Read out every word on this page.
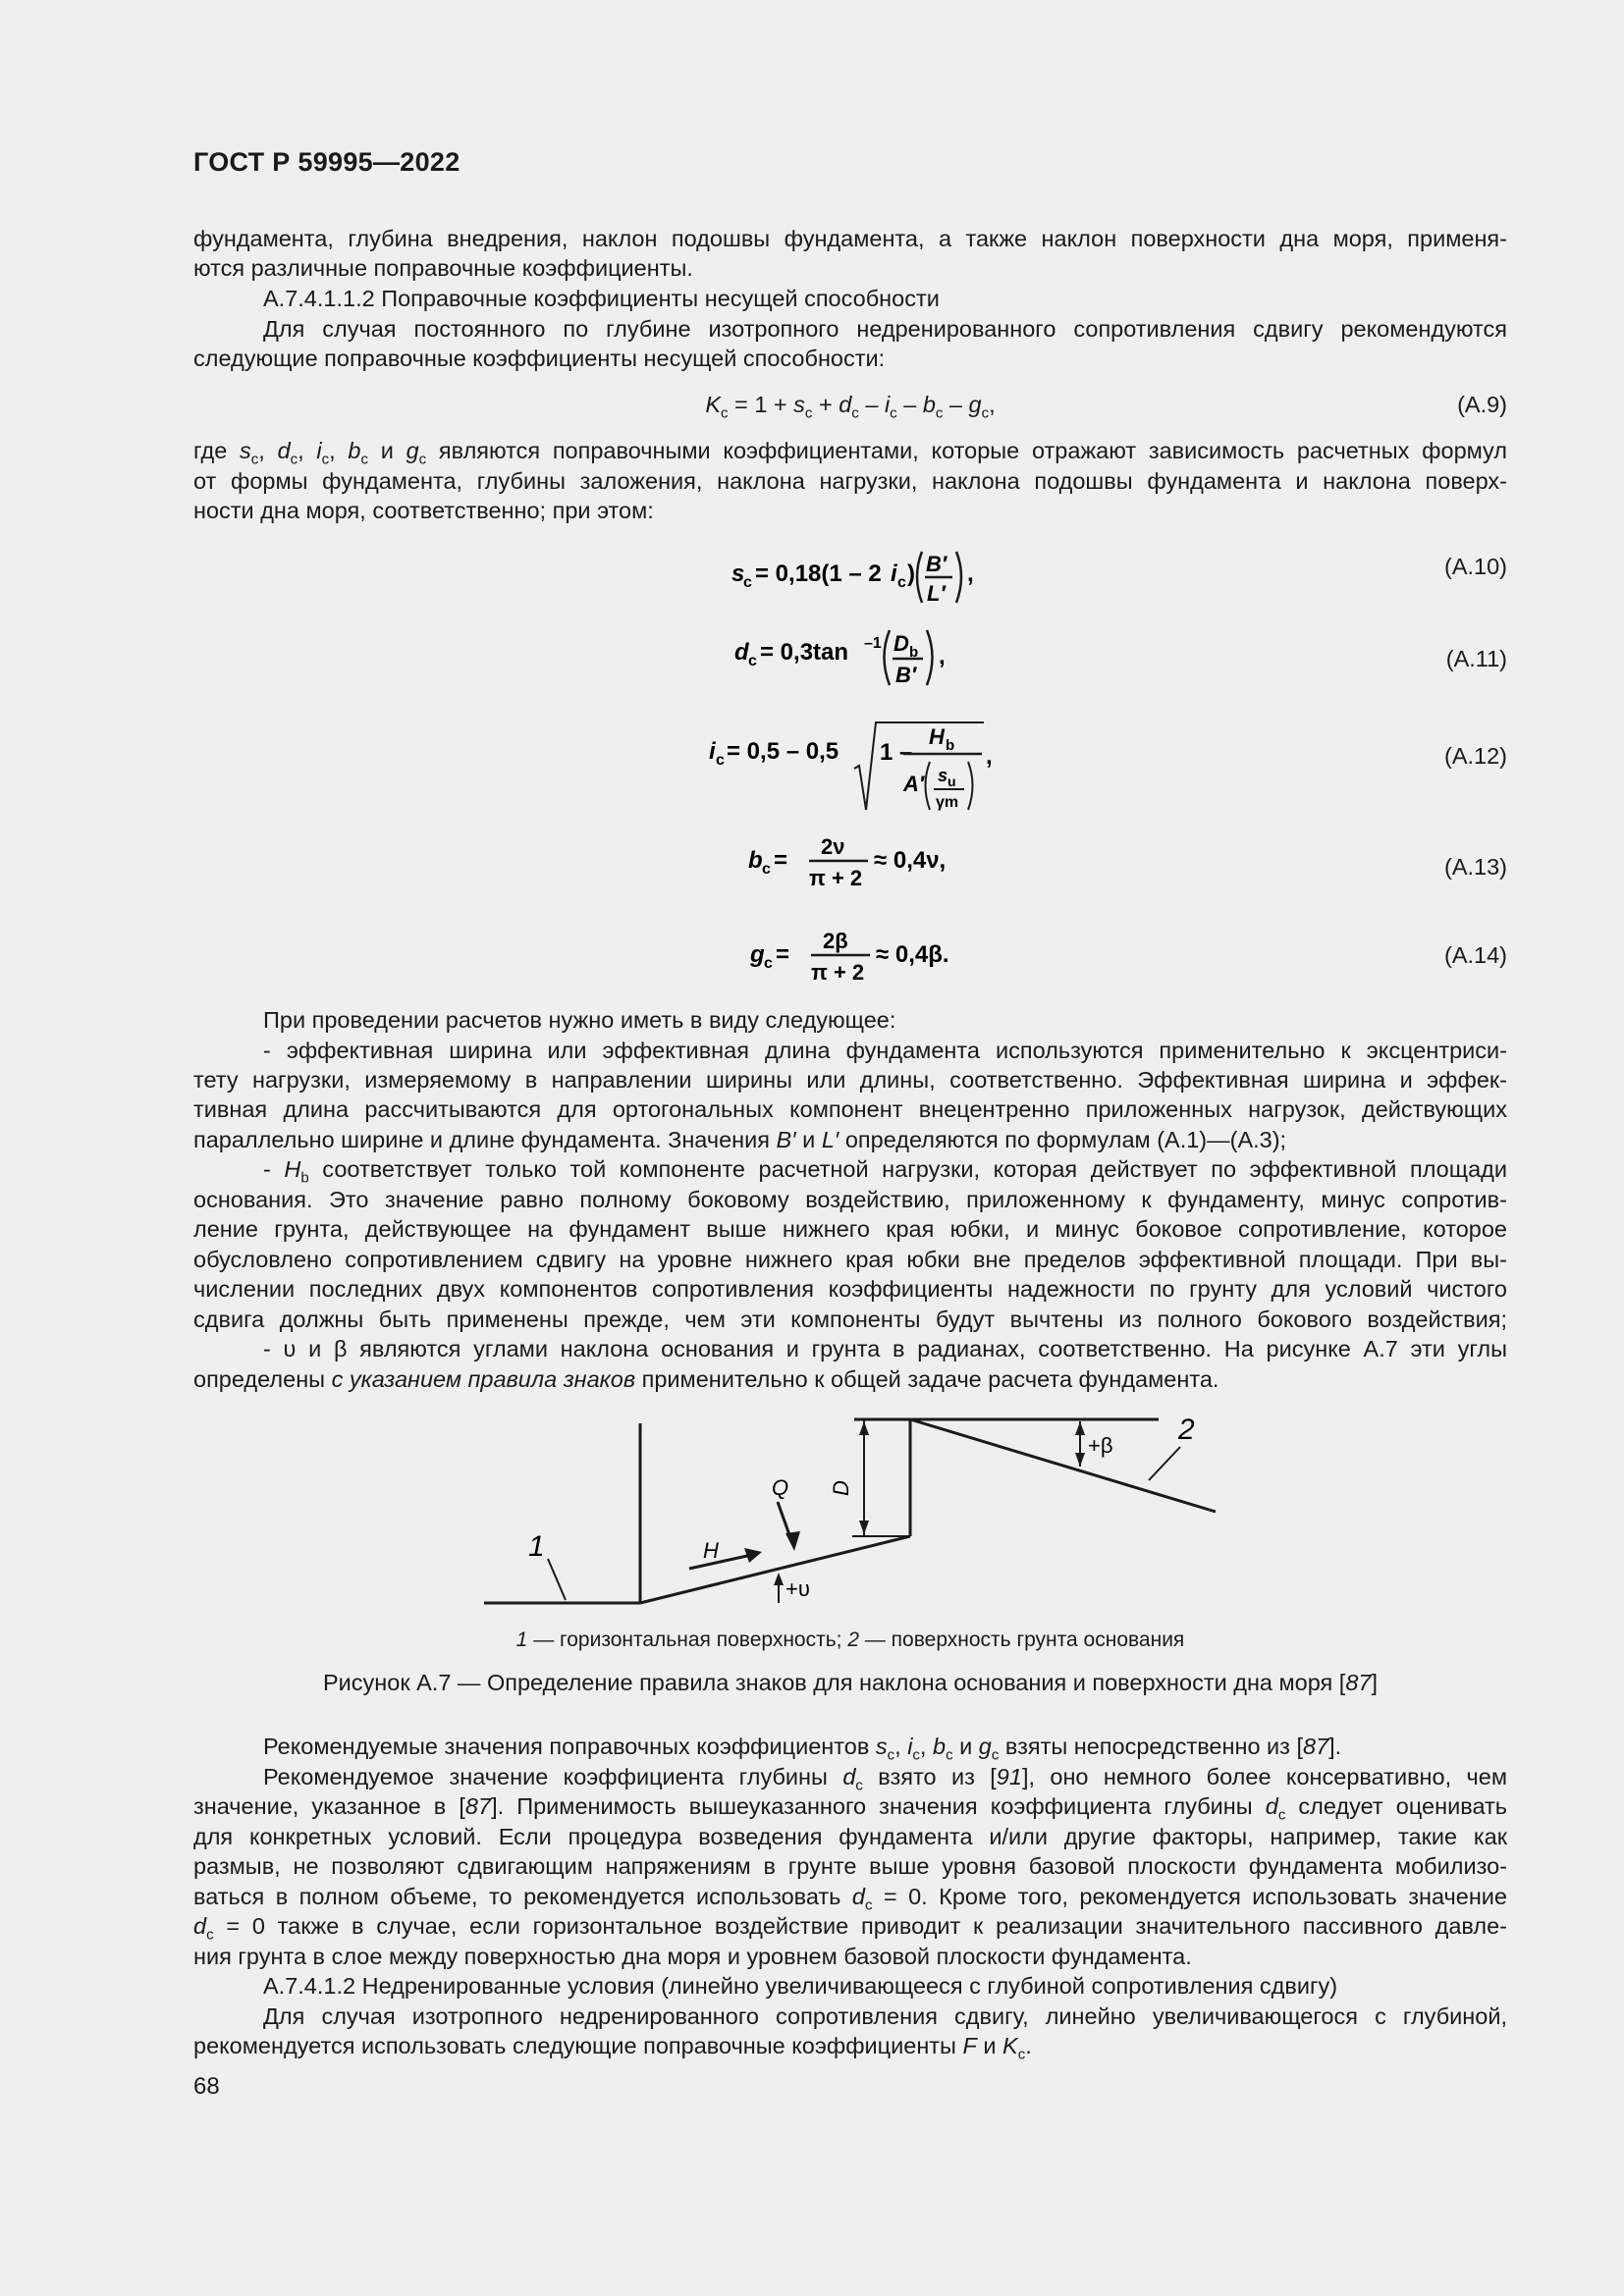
ГОСТ Р 59995—2022
фундамента, глубина внедрения, наклон подошвы фундамента, а также наклон поверхности дна моря, применя-
ются различные поправочные коэффициенты.
А.7.4.1.1.2 Поправочные коэффициенты несущей способности
Для случая постоянного по глубине изотропного недренированного сопротивления сдвигу рекомендуются
следующие поправочные коэффициенты несущей способности:
$K_c = 1 + s_c + d_c - i_c - b_c - g_c$,	(А.9)
где $s_c$, $d_c$, $i_c$, $b_c$ и $g_c$ являются поправочными коэффициентами, которые отражают зависимость расчетных формул
от формы фундамента, глубины заложения, наклона нагрузки, наклона подошвы фундамента и наклона поверх-
ности дна моря, соответственно; при этом:
s
c = 0,18(1 – 2 i c ) B′
L′
,	(А.10)
d c = 0,3tan –1 D b
B′
,	(А.11)
i c = 0,5 – 0,5 1 –
H b
A′ s u
γm
,	(А.12)
b c =
2ν
π + 2
≈ 0,4ν,	(А.13)
g c =
2β
π + 2
≈ 0,4β.	(А.14)
При проведении расчетов нужно иметь в виду следующее:
- эффективная ширина или эффективная длина фундамента используются применительно к эксцентриси-
тету нагрузки, измеряемому в направлении ширины или длины, соответственно. Эффективная ширина и эффек-
тивная длина рассчитываются для ортогональных компонент внецентренно приложенных нагрузок, действующих
параллельно ширине и длине фундамента. Значения B′ и L′ определяются по формулам (А.1)—(А.3);
- $H_b$ соответствует только той компоненте расчетной нагрузки, которая действует по эффективной площади
основания. Это значение равно полному боковому воздействию, приложенному к фундаменту, минус сопротив-
ление грунта, действующее на фундамент выше нижнего края юбки, и минус боковое сопротивление, которое
обусловлено сопротивлением сдвигу на уровне нижнего края юбки вне пределов эффективной площади. При вы-
числении последних двух компонентов сопротивления коэффициенты надежности по грунту для условий чистого
сдвига должны быть применены прежде, чем эти компоненты будут вычтены из полного бокового воздействия;
- υ и β являются углами наклона основания и грунта в радианах, соответственно. На рисунке А.7 эти углы
определены с указанием правила знаков применительно к общей задаче расчета фундамента.
D
+β 2
1	H
Q
+υ
1 — горизонтальная поверхность; 2 — поверхность грунта основания
Рисунок А.7 — Определение правила знаков для наклона основания и поверхности дна моря [87]
Рекомендуемые значения поправочных коэффициентов $s_c$, $i_c$, $b_c$ и $g_c$ взяты непосредственно из [87].
Рекомендуемое значение коэффициента глубины $d_c$ взято из [91], оно немного более консервативно, чем
значение, указанное в [87]. Применимость вышеуказанного значения коэффициента глубины $d_c$ следует оценивать
для конкретных условий. Если процедура возведения фундамента и/или другие факторы, например, такие как
размыв, не позволяют сдвигающим напряжениям в грунте выше уровня базовой плоскости фундамента мобилизо-
ваться в полном объеме, то рекомендуется использовать $d_c = 0$. Кроме того, рекомендуется использовать значение
$d_c = 0$ также в случае, если горизонтальное воздействие приводит к реализации значительного пассивного давле-
ния грунта в слое между поверхностью дна моря и уровнем базовой плоскости фундамента.
А.7.4.1.2 Недренированные условия (линейно увеличивающееся с глубиной сопротивления сдвигу)
Для случая изотропного недренированного сопротивления сдвигу, линейно увеличивающегося с глубиной,
рекомендуется использовать следующие поправочные коэффициенты F и $K_c$.
68
